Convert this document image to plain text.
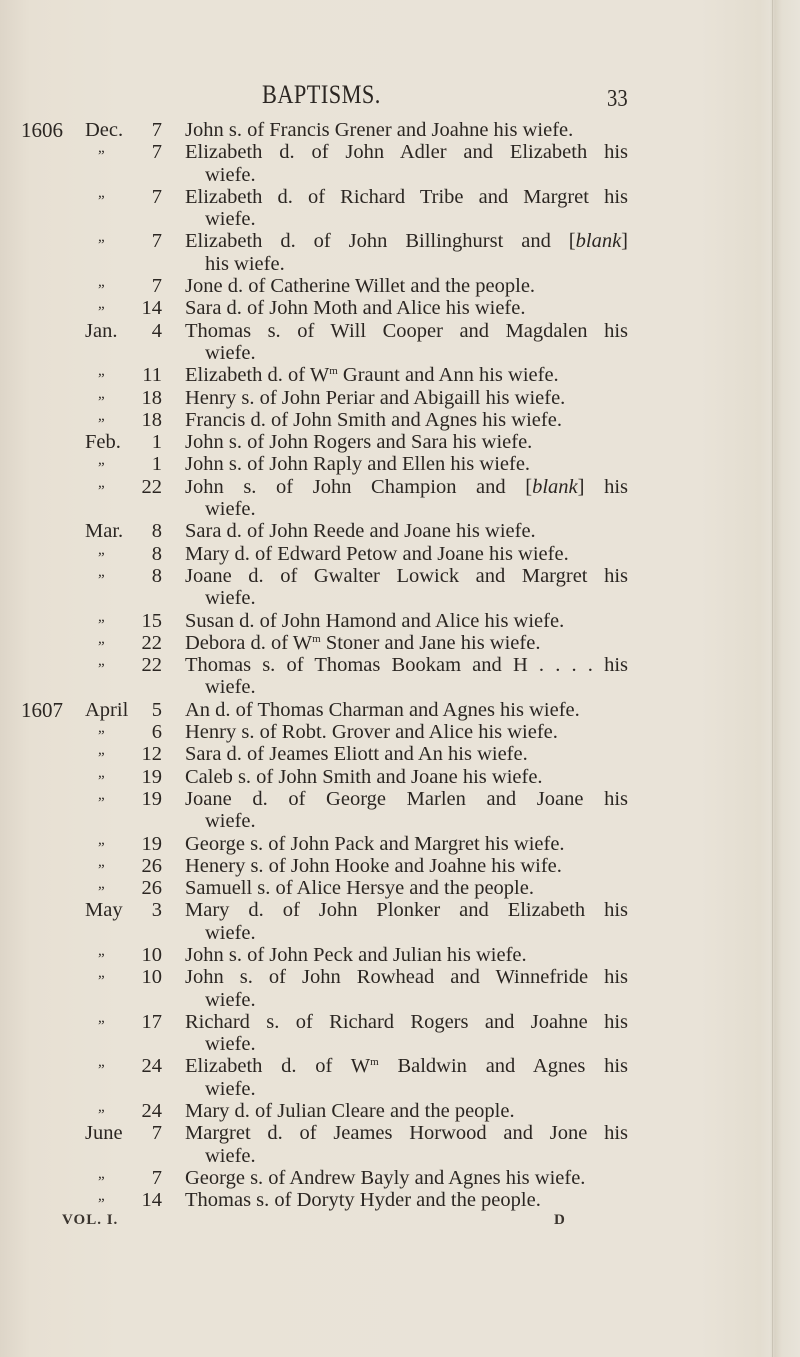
BAPTISMS.	33
1606 Dec.	7 John s. of Francis Grener and Joahne his wiefe.
”	7 Elizabeth d. of John Adler and Elizabeth his
wiefe.
”	7 Elizabeth d. of Richard Tribe and Margret his
wiefe.
”	7 Elizabeth d. of John Billinghurst and [blank]
his wiefe.
”	7 Jone d. of Catherine Willet and the people.
”	14 Sara d. of John Moth and Alice his wiefe.
Jan.	4 Thomas s. of Will Cooper and Magdalen his
wiefe.
”	11 Elizabeth d. of $W^m$ Graunt and Ann his wiefe.
”	18 Henry s. of John Periar and Abigaill his wiefe.
”	18 Francis d. of John Smith and Agnes his wiefe.
Feb.	1 John s. of John Rogers and Sara his wiefe.
”	1 John s. of John Raply and Ellen his wiefe.
”	22 John s. of John Champion and [blank] his
wiefe.
Mar.	8 Sara d. of John Reede and Joane his wiefe.
”	8 Mary d. of Edward Petow and Joane his wiefe.
”	8 Joane d. of Gwalter Lowick and Margret his
wiefe.
”	15 Susan d. of John Hamond and Alice his wiefe.
”	22 Debora d. of $W^m$ Stoner and Jane his wiefe.
”	22 Thomas s. of Thomas Bookam and H . . . . his
wiefe.
1607 April	5 An d. of Thomas Charman and Agnes his wiefe.
”	6 Henry s. of Robt. Grover and Alice his wiefe.
”	12 Sara d. of Jeames Eliott and An his wiefe.
”	19 Caleb s. of John Smith and Joane his wiefe.
”	19 Joane d. of George Marlen and Joane his
wiefe.
”	19 George s. of John Pack and Margret his wiefe.
”	26 Henery s. of John Hooke and Joahne his wife.
”	26 Samuell s. of Alice Hersye and the people.
May	3 Mary d. of John Plonker and Elizabeth his
wiefe.
”	10 John s. of John Peck and Julian his wiefe.
”	10 John s. of John Rowhead and Winnefride his
wiefe.
”	17 Richard s. of Richard Rogers and Joahne his
wiefe.
”	24 Elizabeth d. of $W^m$ Baldwin and Agnes his
wiefe.
”	24 Mary d. of Julian Cleare and the people.
June	7 Margret d. of Jeames Horwood and Jone his
wiefe.
”	7 George s. of Andrew Bayly and Agnes his wiefe.
”	14 Thomas s. of Doryty Hyder and the people.
VOL. I.	D
